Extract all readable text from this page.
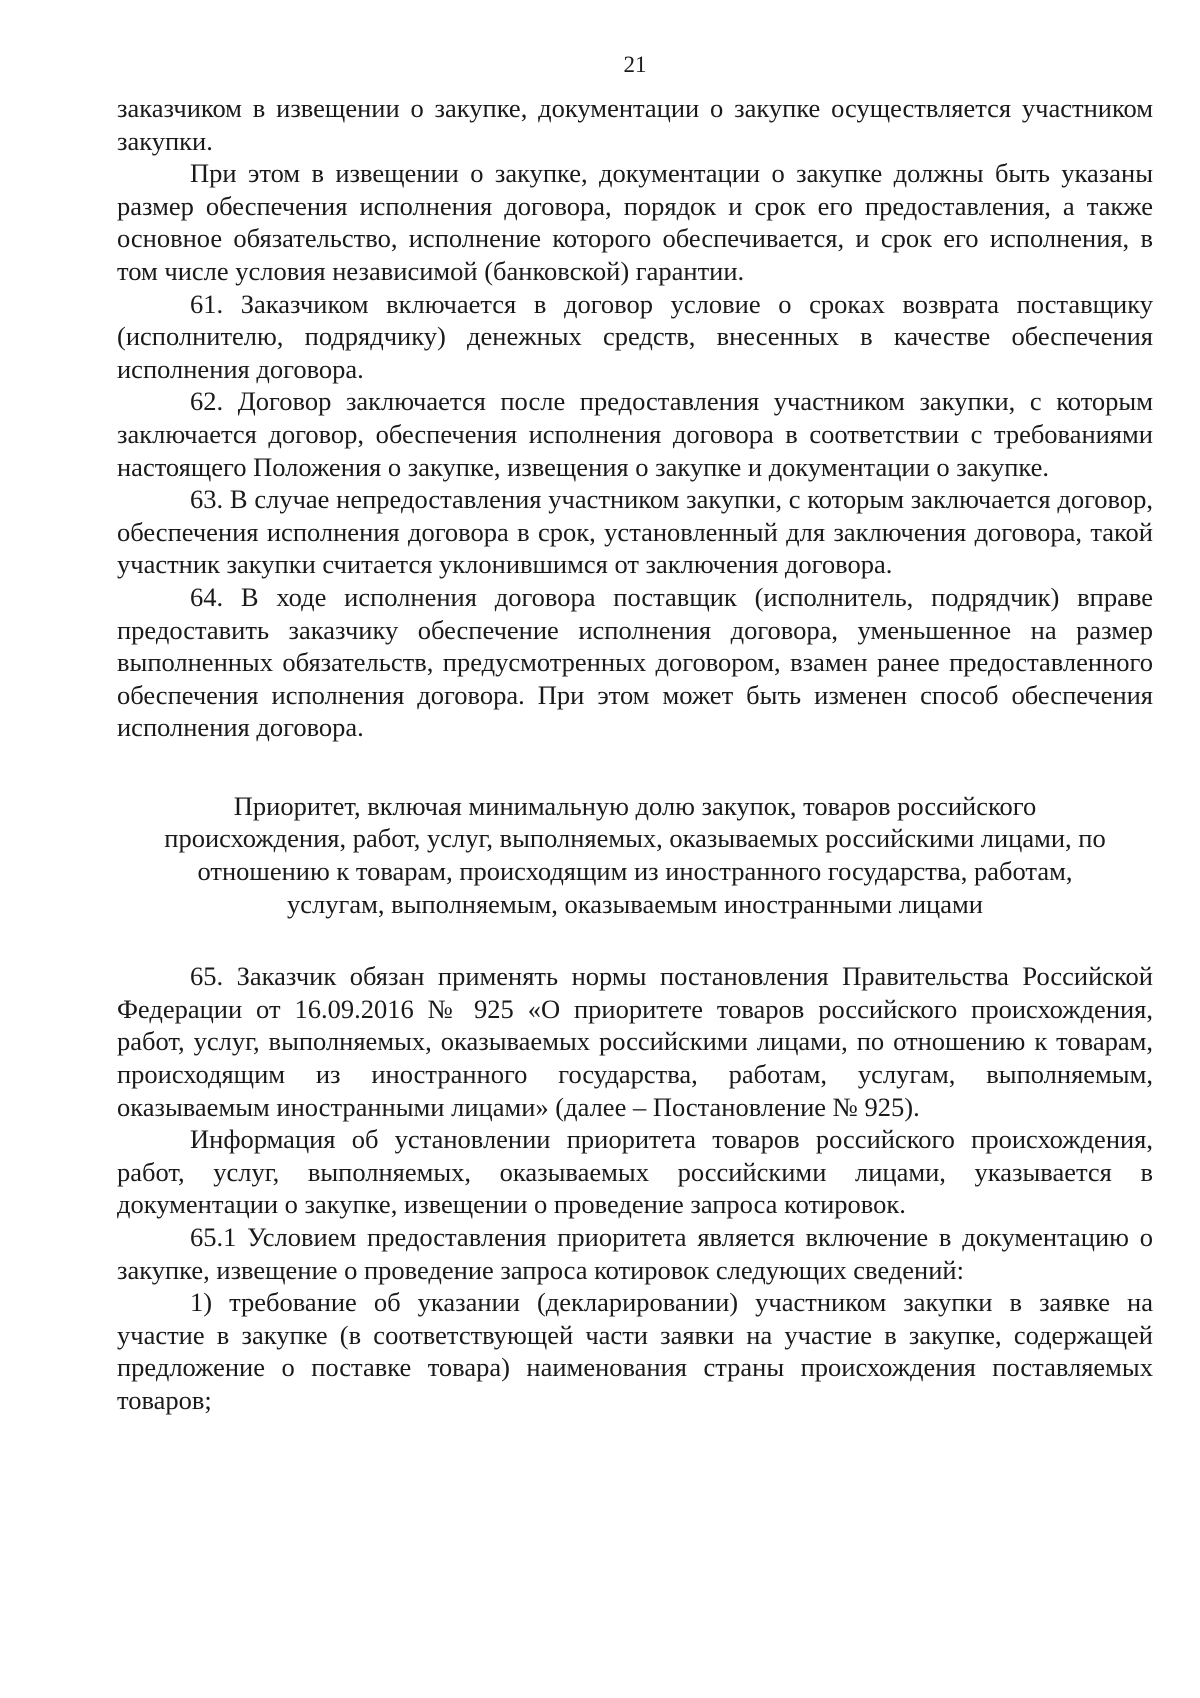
21

заказчиком в извещении о закупке, документации о закупке осуществляется участником закупки.

При этом в извещении о закупке, документации о закупке должны быть указаны размер обеспечения исполнения договора, порядок и срок его предоставления, а также основное обязательство, исполнение которого обеспечивается, и срок его исполнения, в том числе условия независимой (банковской) гарантии.

61. Заказчиком включается в договор условие о сроках возврата поставщику (исполнителю, подрядчику) денежных средств, внесенных в качестве обеспечения исполнения договора.

62. Договор заключается после предоставления участником закупки, с которым заключается договор, обеспечения исполнения договора в соответствии с требованиями настоящего Положения о закупке, извещения о закупке и документации о закупке.

63. В случае непредоставления участником закупки, с которым заключается договор, обеспечения исполнения договора в срок, установленный для заключения договора, такой участник закупки считается уклонившимся от заключения договора.

64. В ходе исполнения договора поставщик (исполнитель, подрядчик) вправе предоставить заказчику обеспечение исполнения договора, уменьшенное на размер выполненных обязательств, предусмотренных договором, взамен ранее предоставленного обеспечения исполнения договора. При этом может быть изменен способ обеспечения исполнения договора.

Приоритет, включая минимальную долю закупок, товаров российского
происхождения, работ, услуг, выполняемых, оказываемых российскими лицами, по
отношению к товарам, происходящим из иностранного государства, работам,
услугам, выполняемым, оказываемым иностранными лицами

65. Заказчик обязан применять нормы постановления Правительства Российской Федерации от 16.09.2016 № 925 «О приоритете товаров российского происхождения, работ, услуг, выполняемых, оказываемых российскими лицами, по отношению к товарам, происходящим из иностранного государства, работам, услугам, выполняемым, оказываемым иностранными лицами» (далее – Постановление № 925).

Информация об установлении приоритета товаров российского происхождения, работ, услуг, выполняемых, оказываемых российскими лицами, указывается в документации о закупке, извещении о проведение запроса котировок.

65.1 Условием предоставления приоритета является включение в документацию о закупке, извещение о проведение запроса котировок следующих сведений:

1) требование об указании (декларировании) участником закупки в заявке на участие в закупке (в соответствующей части заявки на участие в закупке, содержащей предложение о поставке товара) наименования страны происхождения поставляемых товаров;
